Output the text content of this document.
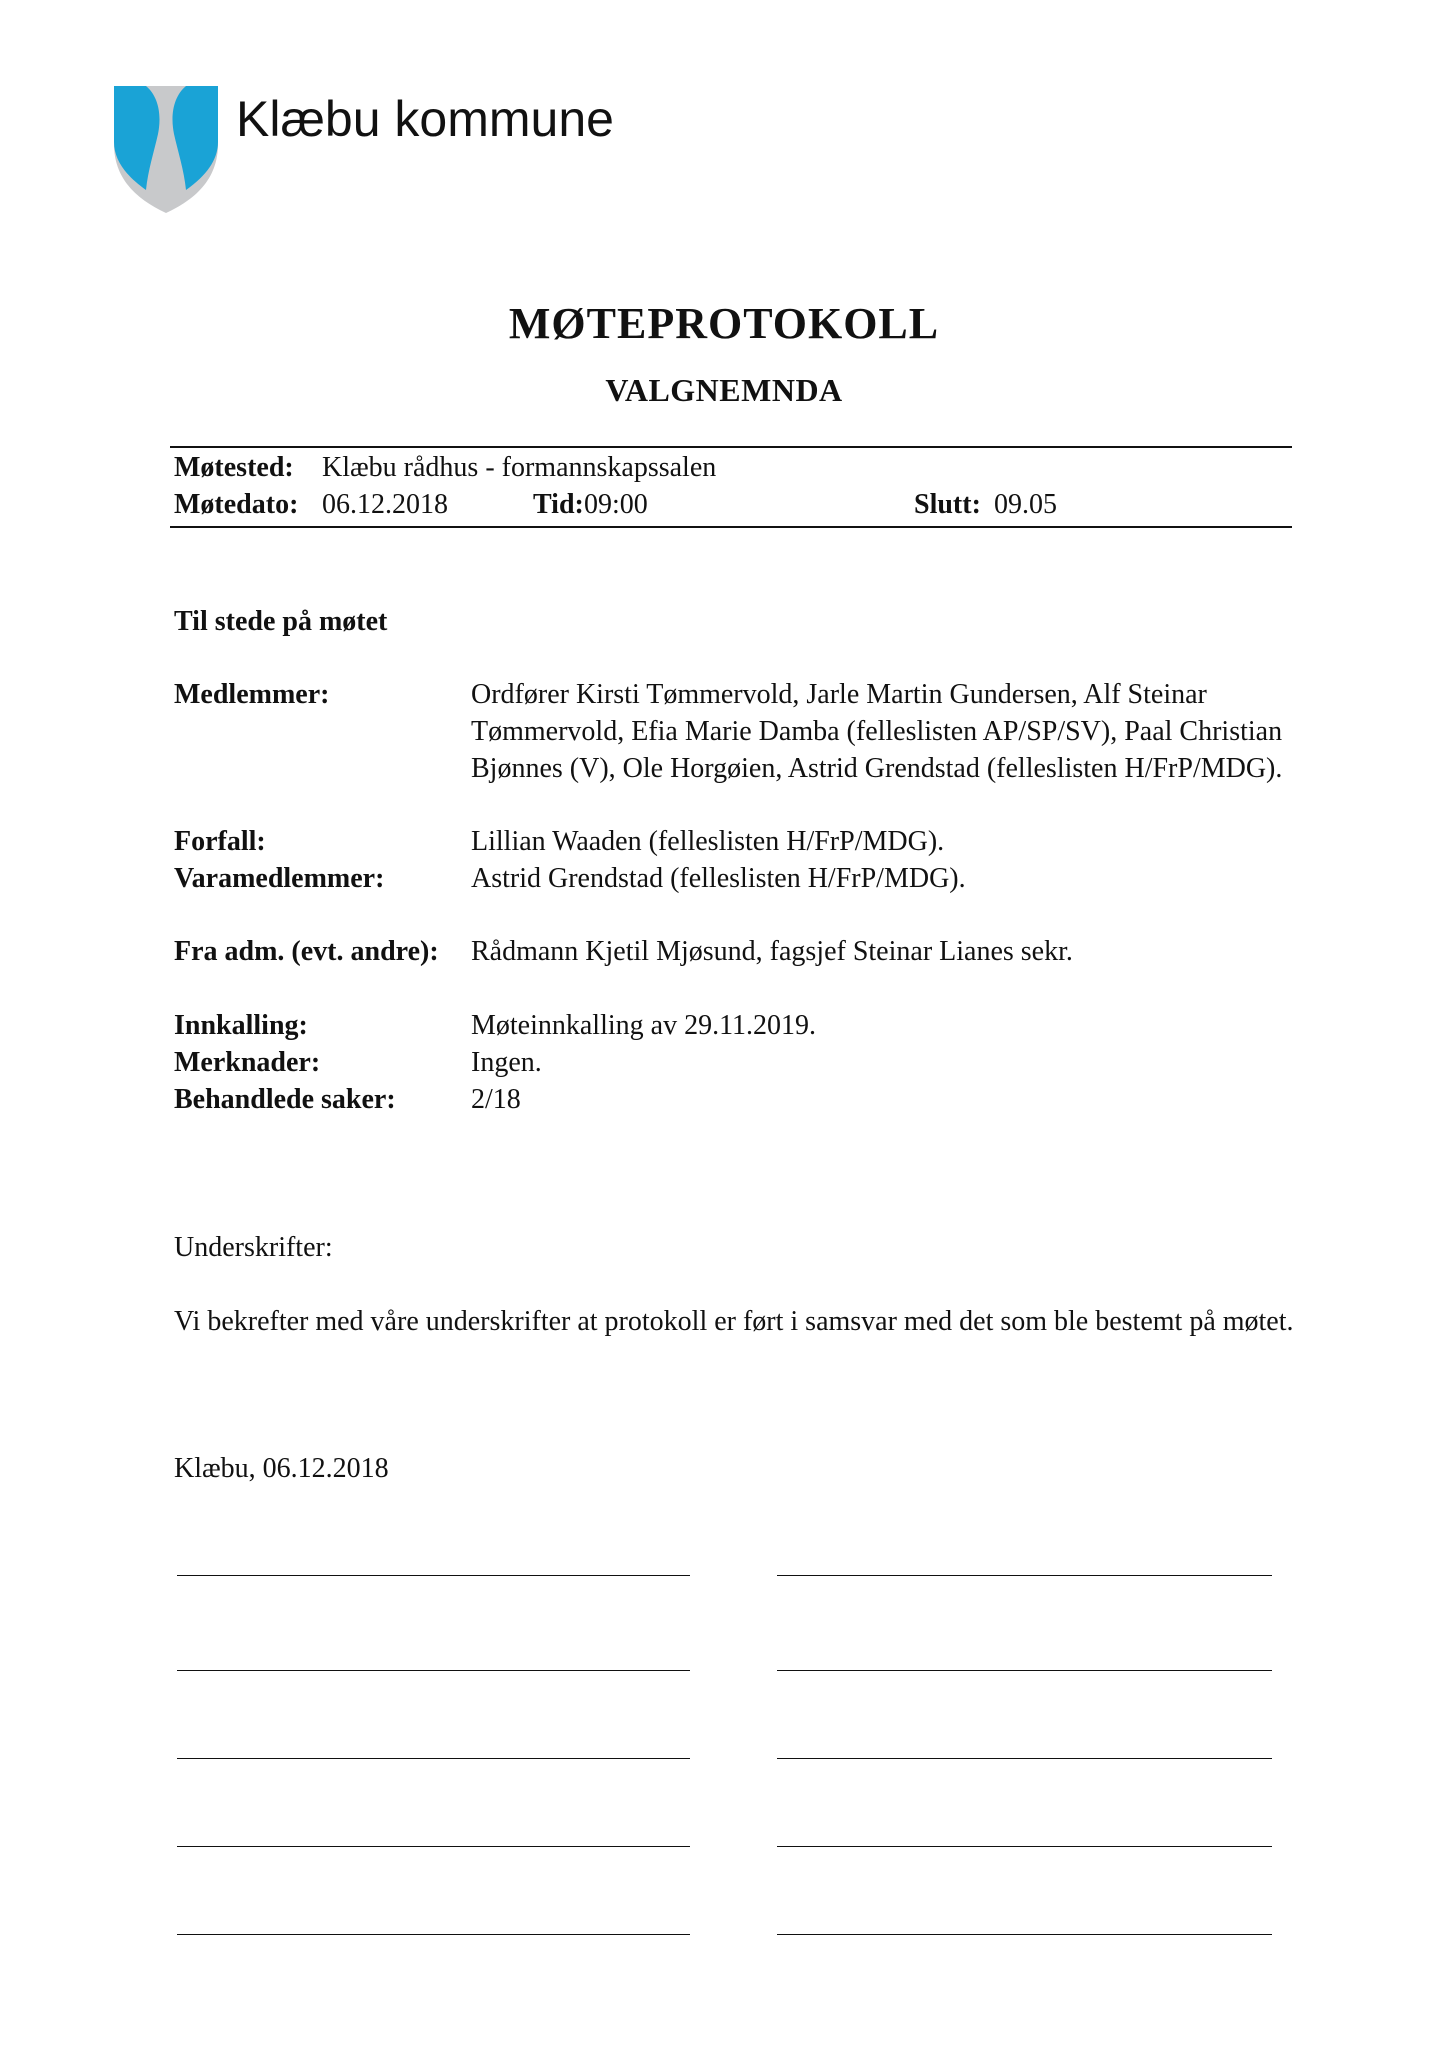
Klæbu kommune
MØTEPROTOKOLL
VALGNEMNDA
Møtested: Klæbu rådhus - formannskapssalen
Møtedato: 06.12.2018	Tid: 09:00	Slutt: 09.05
Til stede på møtet
Medlemmer:	Ordfører Kirsti Tømmervold, Jarle Martin Gundersen, Alf Steinar
Tømmervold, Efia Marie Damba (felleslisten AP/SP/SV), Paal Christian
Bjønnes (V), Ole Horgøien, Astrid Grendstad (felleslisten H/FrP/MDG).
Forfall:	Lillian Waaden (felleslisten H/FrP/MDG).
Varamedlemmer:	Astrid Grendstad (felleslisten H/FrP/MDG).
Fra adm. (evt. andre): Rådmann Kjetil Mjøsund, fagsjef Steinar Lianes sekr.
Innkalling:	Møteinnkalling av 29.11.2019.
Merknader:	Ingen.
Behandlede saker:	2/18
Underskrifter:
Vi bekrefter med våre underskrifter at protokoll er ført i samsvar med det som ble bestemt på møtet.
Klæbu, 06.12.2018
